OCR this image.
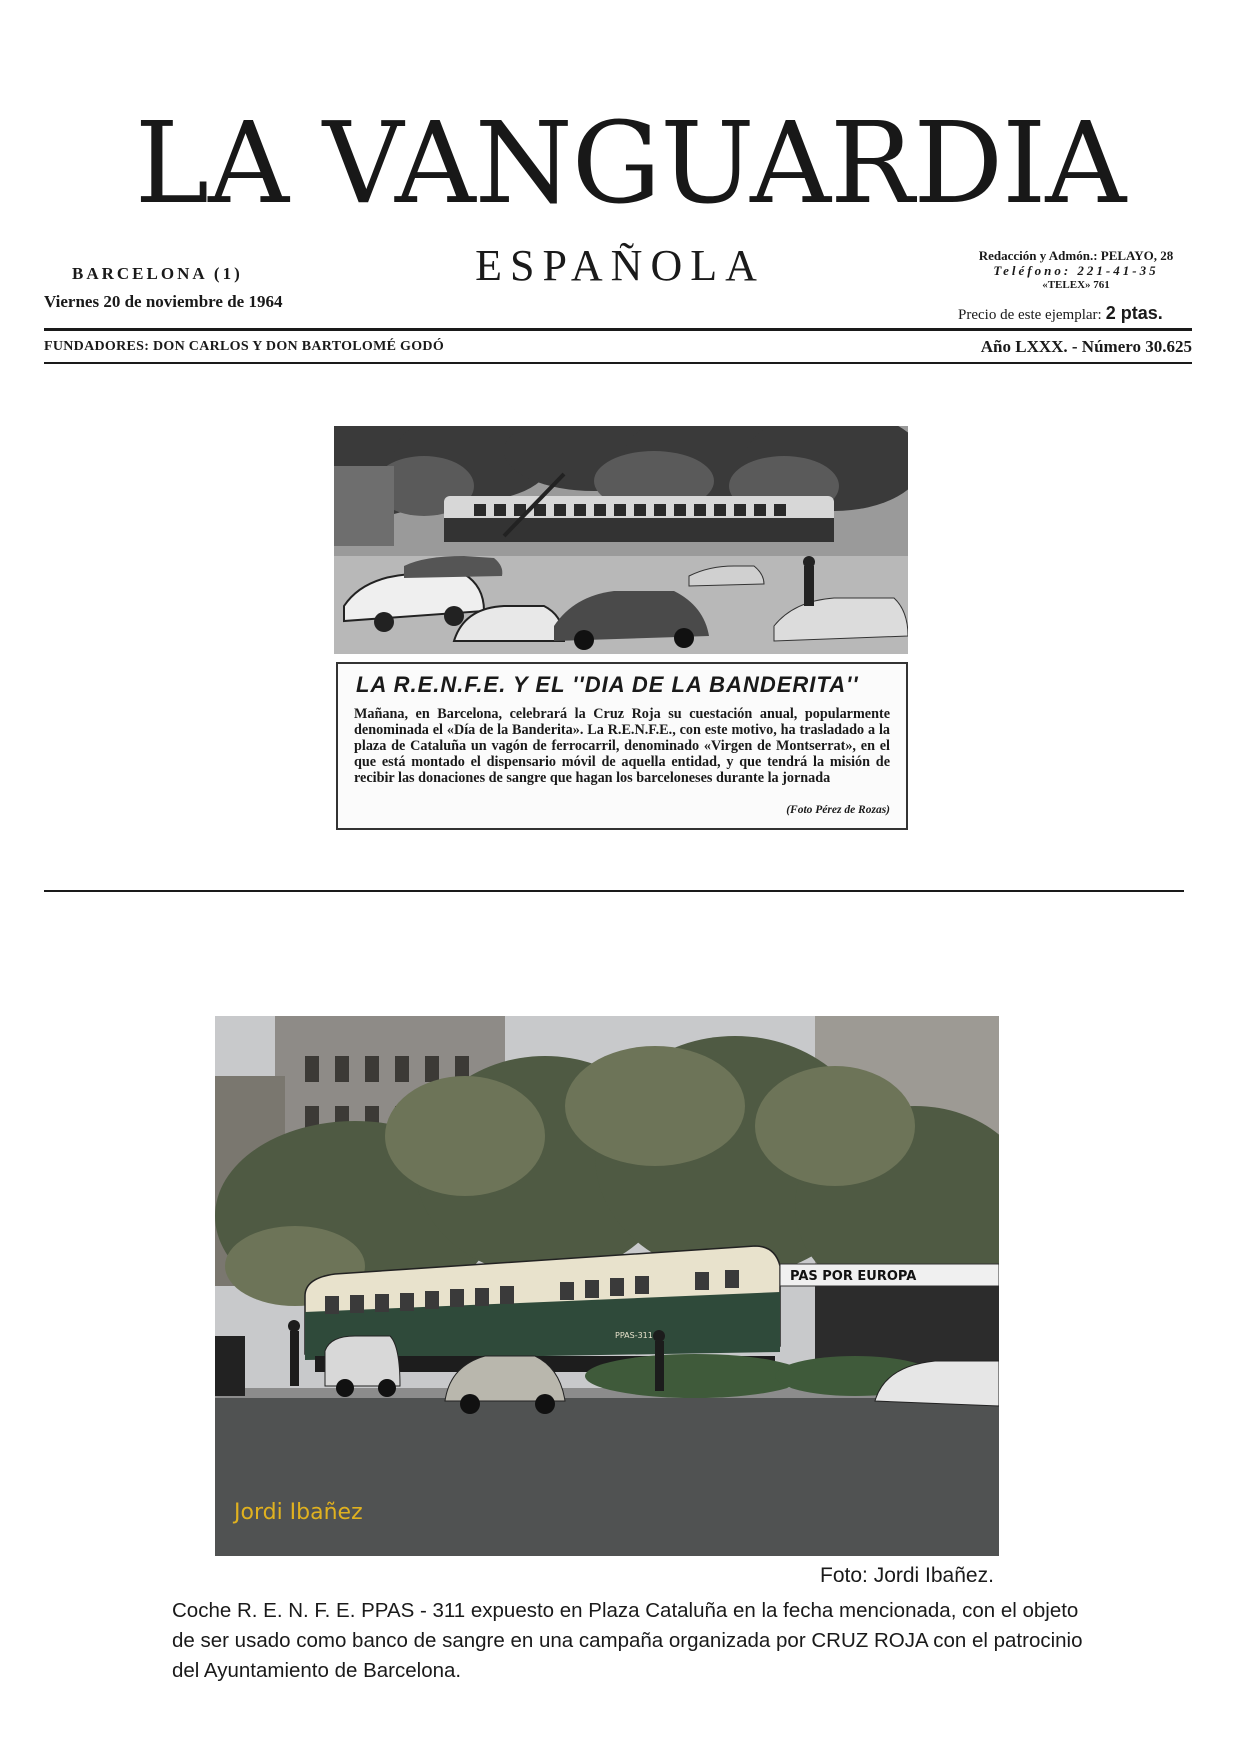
LA VANGUARDIA
BARCELONA (1)
Viernes 20 de noviembre de 1964
ESPAÑOLA	Redacción y Admón.: PELAYO, 28
Teléfono: 221-41-35
«TELEX» 761
Precio de este ejemplar: 2 ptas.
FUNDADORES: DON CARLOS Y DON BARTOLOMÉ GODÓ	Año LXXX. - Número 30.625
LA R.E.N.F.E. Y EL ''DIA DE LA BANDERITA''
Mañana, en Barcelona, celebrará la Cruz Roja su cuestación anual, popularmente denominada el «Día de la Banderita». La R.E.N.F.E., con este motivo, ha trasladado a la plaza de Cataluña un vagón de ferrocarril, denominado «Virgen de Montserrat», en el que está montado el dispensario móvil de aquella entidad, y que tendrá la misión de recibir las donaciones de sangre que hagan los barceloneses durante la jornada
(Foto Pérez de Rozas)
PPAS-311
PAS POR EUROPA
Jordi Ibañez
Foto: Jordi Ibañez.
Coche R. E. N. F. E. PPAS - 311 expuesto en Plaza Cataluña en la fecha mencionada, con el objeto de ser usado como banco de sangre en una campaña organizada por CRUZ ROJA con el patrocinio del Ayuntamiento de Barcelona.
